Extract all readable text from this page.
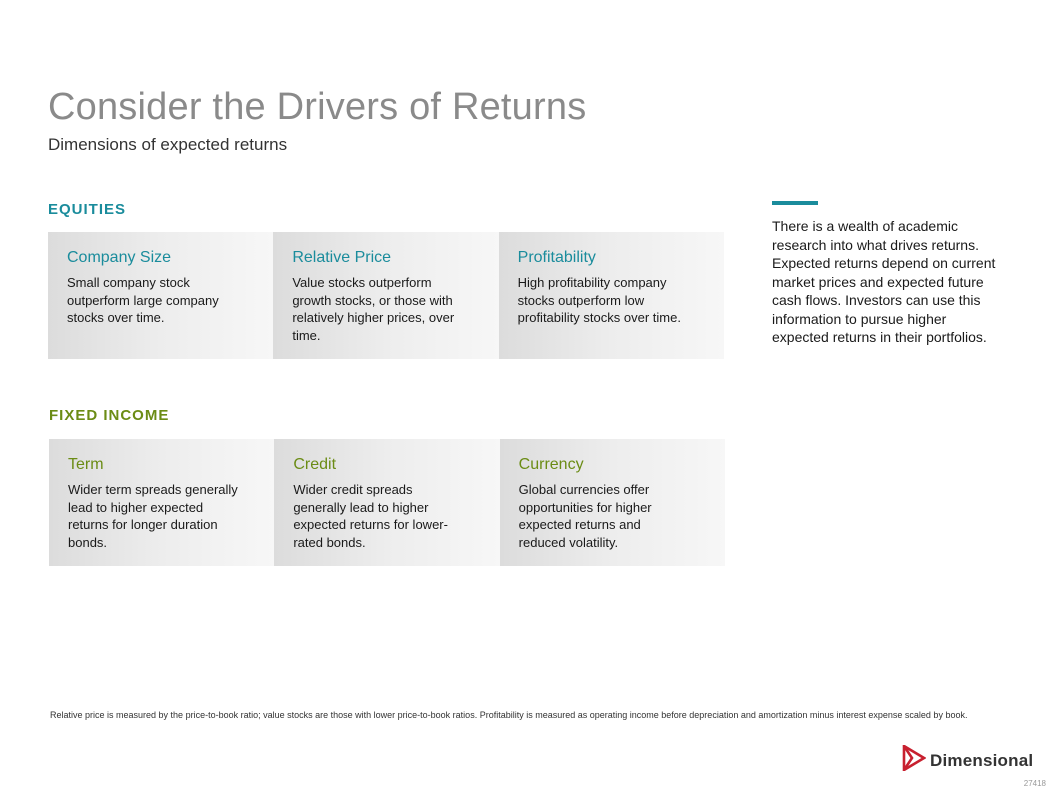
Consider the Drivers of Returns
Dimensions of expected returns
EQUITIES
Company Size
Small company stock outperform large company stocks over time.
Relative Price
Value stocks outperform growth stocks, or those with relatively higher prices, over time.
Profitability
High profitability company stocks outperform low profitability stocks over time.
FIXED INCOME
Term
Wider term spreads generally lead to higher expected returns for longer duration bonds.
Credit
Wider credit spreads generally lead to higher expected returns for lower-rated bonds.
Currency
Global currencies offer opportunities for higher expected returns and reduced volatility.
There is a wealth of academic research into what drives returns. Expected returns depend on current market prices and expected future cash flows. Investors can use this information to pursue higher expected returns in their portfolios.
Relative price is measured by the price-to-book ratio; value stocks are those with lower price-to-book ratios. Profitability is measured as operating income before depreciation and amortization minus interest expense scaled by book.
Dimensional
27418
